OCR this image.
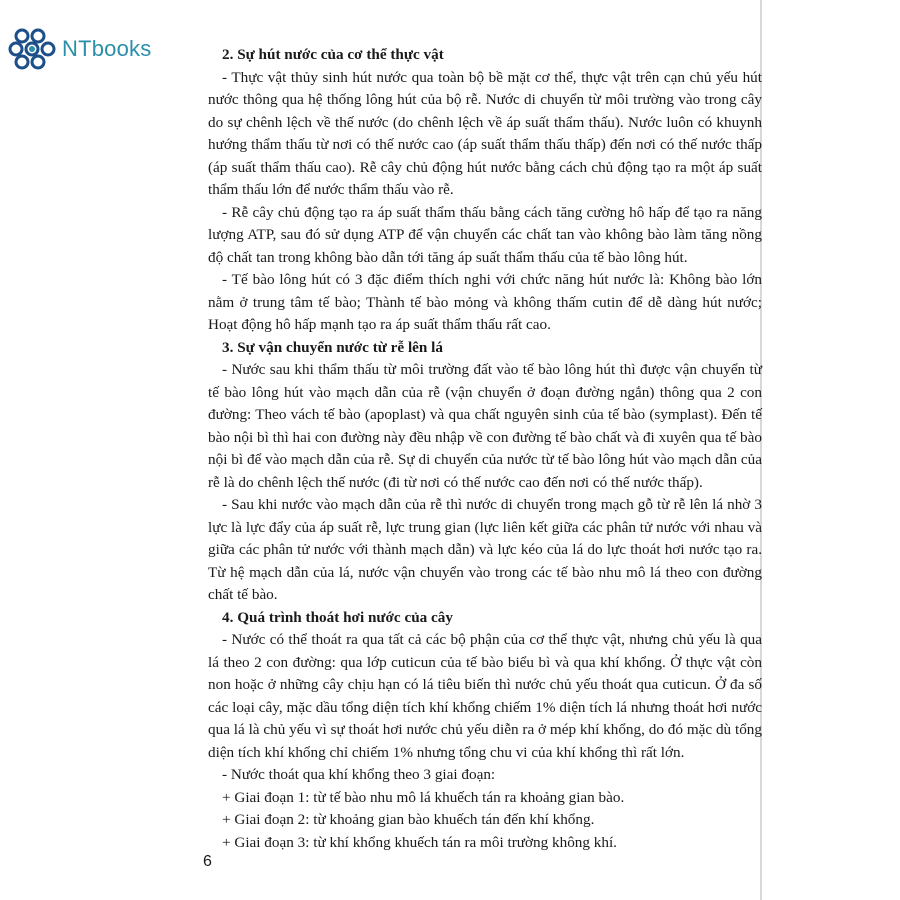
NTbooks	2. Sự hút nước của cơ thể thực vật

- Thực vật thủy sinh hút nước qua toàn bộ bề mặt cơ thể, thực vật trên cạn chủ yếu hút nước thông qua hệ thống lông hút của bộ rễ. Nước di chuyển từ môi trường vào trong cây do sự chênh lệch về thế nước (do chênh lệch về áp suất thẩm thấu). Nước luôn có khuynh hướng thẩm thấu từ nơi có thế nước cao (áp suất thẩm thấu thấp) đến nơi có thế nước thấp (áp suất thẩm thấu cao). Rễ cây chủ động hút nước bằng cách chủ động tạo ra một áp suất thẩm thấu lớn để nước thẩm thấu vào rễ.

- Rễ cây chủ động tạo ra áp suất thẩm thấu bằng cách tăng cường hô hấp để tạo ra năng lượng ATP, sau đó sử dụng ATP để vận chuyển các chất tan vào không bào làm tăng nồng độ chất tan trong không bào dẫn tới tăng áp suất thẩm thấu của tế bào lông hút.

- Tế bào lông hút có 3 đặc điểm thích nghi với chức năng hút nước là: Không bào lớn nằm ở trung tâm tế bào; Thành tế bào mỏng và không thấm cutin để dễ dàng hút nước; Hoạt động hô hấp mạnh tạo ra áp suất thẩm thấu rất cao.

3. Sự vận chuyển nước từ rễ lên lá

- Nước sau khi thẩm thấu từ môi trường đất vào tế bào lông hút thì được vận chuyển từ tế bào lông hút vào mạch dẫn của rễ (vận chuyển ở đoạn đường ngắn) thông qua 2 con đường: Theo vách tế bào (apoplast) và qua chất nguyên sinh của tế bào (symplast). Đến tế bào nội bì thì hai con đường này đều nhập về con đường tế bào chất và đi xuyên qua tế bào nội bì để vào mạch dẫn của rễ. Sự di chuyển của nước từ tế bào lông hút vào mạch dẫn của rễ là do chênh lệch thế nước (đi từ nơi có thế nước cao đến nơi có thế nước thấp).

- Sau khi nước vào mạch dẫn của rễ thì nước di chuyển trong mạch gỗ từ rễ lên lá nhờ 3 lực là lực đẩy của áp suất rễ, lực trung gian (lực liên kết giữa các phân tử nước với nhau và giữa các phân tử nước với thành mạch dẫn) và lực kéo của lá do lực thoát hơi nước tạo ra. Từ hệ mạch dẫn của lá, nước vận chuyển vào trong các tế bào nhu mô lá theo con đường chất tế bào.

4. Quá trình thoát hơi nước của cây

- Nước có thể thoát ra qua tất cả các bộ phận của cơ thể thực vật, nhưng chủ yếu là qua lá theo 2 con đường: qua lớp cuticun của tế bào biểu bì và qua khí khổng. Ở thực vật còn non hoặc ở những cây chịu hạn có lá tiêu biến thì nước chủ yếu thoát qua cuticun. Ở đa số các loại cây, mặc dầu tổng diện tích khí khổng chiếm 1% diện tích lá nhưng thoát hơi nước qua lá là chủ yếu vì sự thoát hơi nước chủ yếu diễn ra ở mép khí khổng, do đó mặc dù tổng diện tích khí khổng chỉ chiếm 1% nhưng tổng chu vi của khí khổng thì rất lớn.

- Nước thoát qua khí khổng theo 3 giai đoạn:

+ Giai đoạn 1: từ tế bào nhu mô lá khuếch tán ra khoảng gian bào.

+ Giai đoạn 2: từ khoảng gian bào khuếch tán đến khí khổng.

+ Giai đoạn 3: từ khí khổng khuếch tán ra môi trường không khí.

6
